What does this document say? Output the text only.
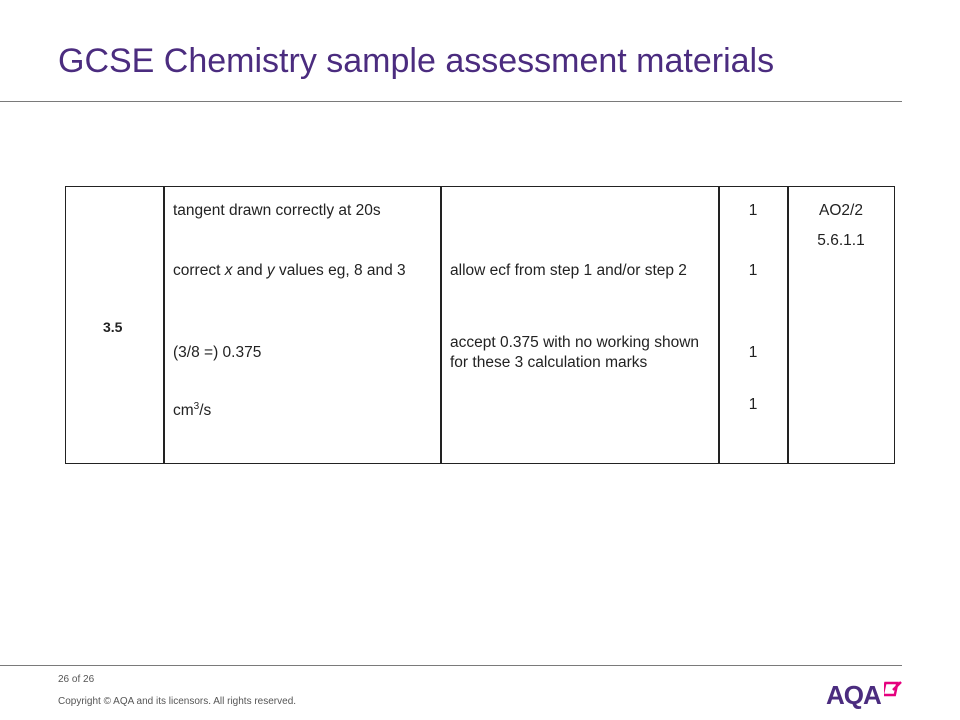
GCSE Chemistry sample assessment materials
3.5
tangent drawn correctly at 20s
correct x and y values eg, 8 and 3
(3/8 =) 0.375
$cm^3/s$
allow ecf from step 1 and/or step 2
accept 0.375 with no working shown for these 3 calculation marks
1
1
1
1
AO2/2
5.6.1.1
26 of 26
Copyright © AQA and its licensors. All rights reserved.	AQA
